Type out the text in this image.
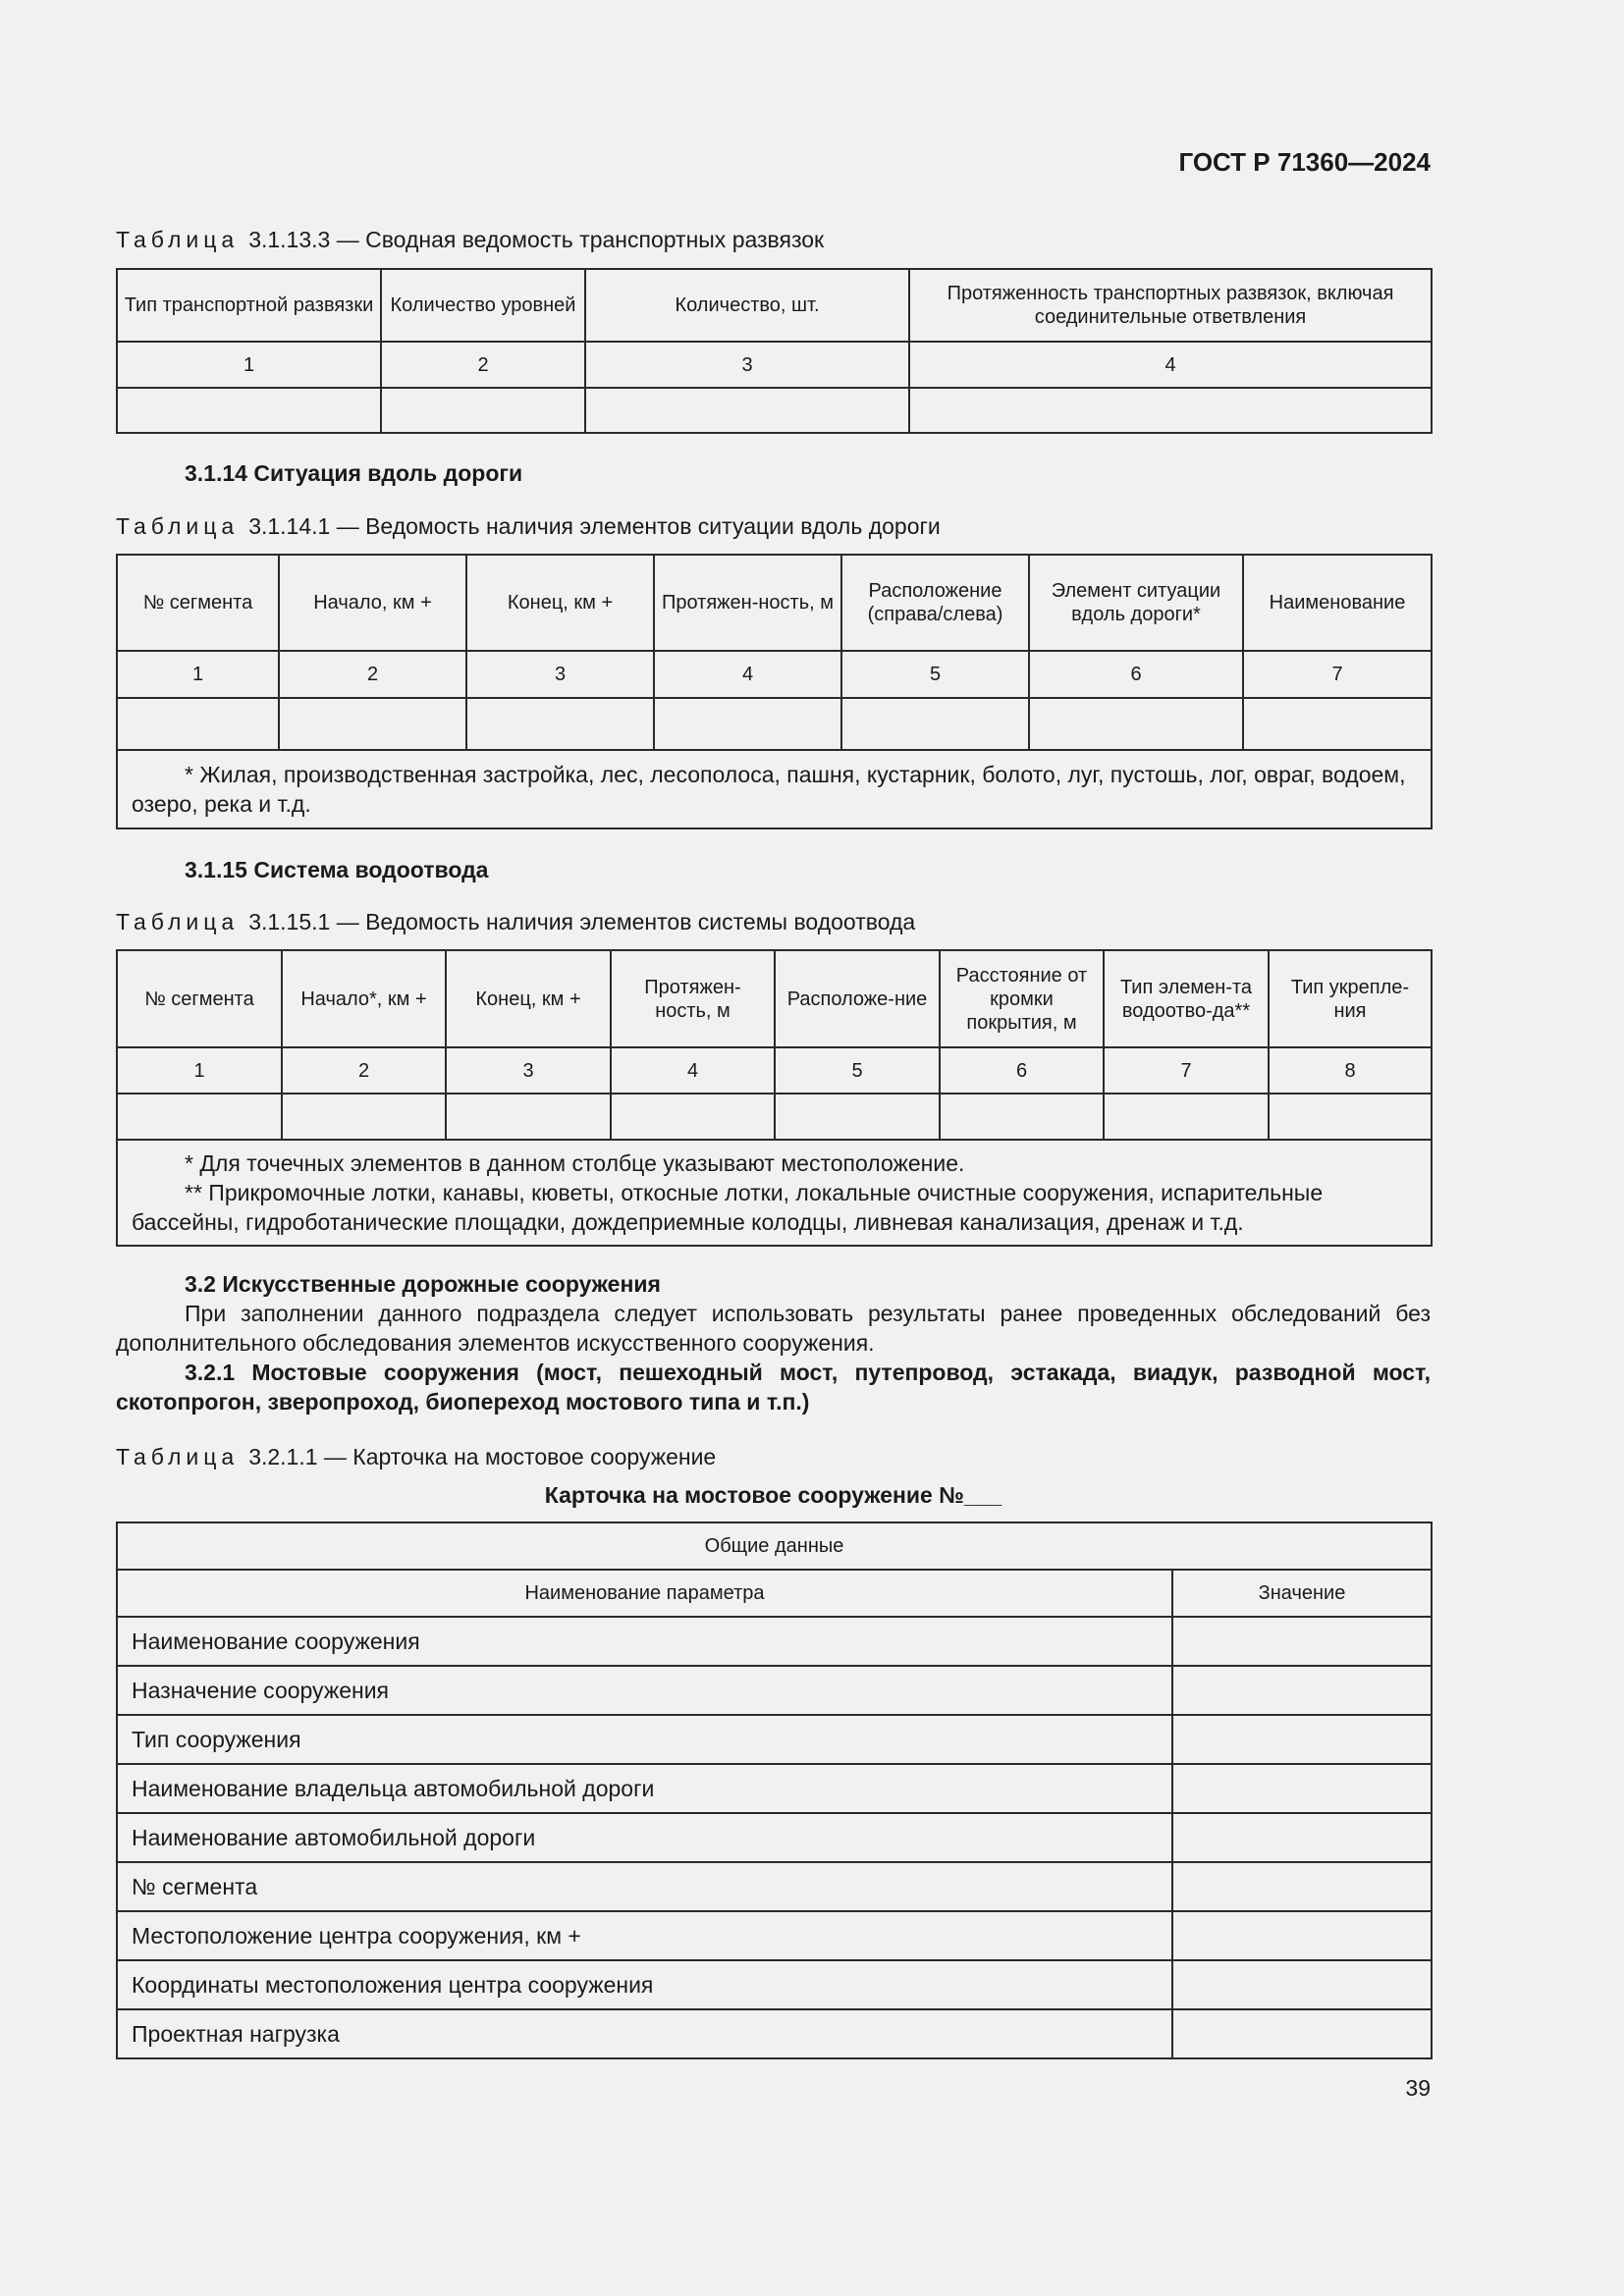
ГОСТ Р 71360—2024
Таблица 3.1.13.3 — Сводная ведомость транспортных развязок
Тип транспортной развязки	Количество уровней	Количество, шт.	Протяженность транспортных развязок, включая соединительные ответвления
1	2	3	4

3.1.14 Ситуация вдоль дороги
Таблица 3.1.14.1 — Ведомость наличия элементов ситуации вдоль дороги
№ сегмента	Начало, км +	Конец, км +	Протяжен-ность, м	Расположение (справа/слева)	Элемент ситуации вдоль дороги*	Наименование
1	2	3	4	5	6	7

* Жилая, производственная застройка, лес, лесополоса, пашня, кустарник, болото, луг, пустошь, лог, овраг, водоем, озеро, река и т.д.						

3.1.15 Система водоотвода
Таблица 3.1.15.1 — Ведомость наличия элементов системы водоотвода
№ сегмента	Начало*, км +	Конец, км +	Протяжен-ность, м	Расположе-ние	Расстояние от кромки покрытия, м	Тип элемен-та водоотво-да**	Тип укрепле-ния
1	2	3	4	5	6	7	8

* Для точечных элементов в данном столбце указывают местоположение.

** Прикромочные лотки, канавы, кюветы, откосные лотки, локальные очистные сооружения, испарительные бассейны, гидроботанические площадки, дождеприемные колодцы, ливневая канализация, дренаж и т.д.							

3.2 Искусственные дорожные сооружения

При заполнении данного подраздела следует использовать результаты ранее проведенных обследований без дополнительного обследования элементов искусственного сооружения.

3.2.1 Мостовые сооружения (мост, пешеходный мост, путепровод, эстакада, виадук, разводной мост, скотопрогон, зверопроход, биопереход мостового типа и т.п.)

Таблица 3.2.1.1 — Карточка на мостовое сооружение
Карточка на мостовое сооружение №___
Общие данные	
Наименование параметра	Значение
Наименование сооружения	
Назначение сооружения	
Тип сооружения	
Наименование владельца автомобильной дороги	
Наименование автомобильной дороги	
№ сегмента	
Местоположение центра сооружения, км +	
Координаты местоположения центра сооружения	
Проектная нагрузка	
39
